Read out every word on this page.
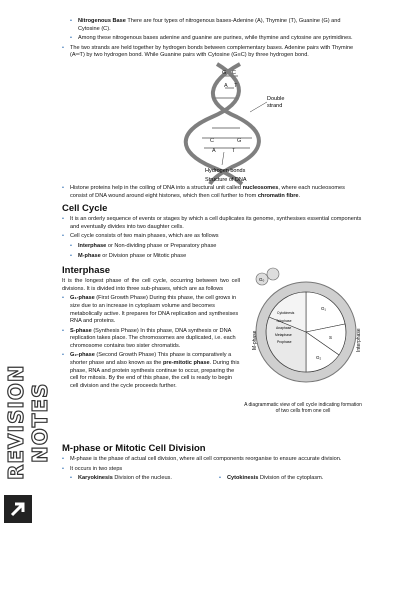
REVISION NOTES
• Nitrogenous Base There are four types of nitrogenous bases-Adenine (A), Thymine (T), Guanine (G) and Cytosine (C).
• Among these nitrogenous bases adenine and guanine are purines, while thymine and cytosine are pyrimidines.
• The two strands are held together by hydrogen bonds between complementary bases. Adenine pairs with Thymine (A═T) by two hydrogen bond. While Guanine pairs with Cytosine (G≡C) by three hydrogen bond.
G C
A T
C	G
A	T
Double
strand
Hydrogen bonds
Structure of DNA
• Histone proteins help in the coiling of DNA into a structural unit called nucleosomes, where each nucleosomes consist of DNA wound around eight histones, which then coil further to from chromatin fibre.
Cell Cycle
• It is an orderly sequence of events or stages by which a cell duplicates its genome, synthesises essential components and eventually divides into two daughter cells.
• Cell cycle consists of two main phases, which are as follows
• Interphase or Non-dividing phase or Preparatory phase
• M-phase or Division phase or Mitotic phase
Interphase
It is the longest phase of the cell cycle, occurring between two cell divisions. It is divided into three sub-phases, which are as follows
• G₁-phase (First Growth Phase) During this phase, the cell grows in size due to an increase in cytoplasm volume and becomes metabolically active. It prepares for DNA replication and synthesises RNA and proteins.
• S-phase (Synthesis Phase) In this phase, DNA synthesis or DNA replication takes place. The chromosomes are duplicated, i.e. each chromosome contains two sister chromatids.
• G₂-phase (Second Growth Phase) This phase is comparatively a shorter phase and also known as the pre-mitotic phase. During this phase, RNA and protein synthesis continue to occur, preparing the cell for mitosis. By the end of this phase, the cell is ready to begin cell division and the cycle proceeds further.
G₀
G₁
S
G₂
Cytokinesis
Telophase
Anaphase
Metaphase
Prophase
M-phase	Interphase
A diagrammatic view of cell cycle indicating formation of two cells from one cell
M-phase or Mitotic Cell Division
• M-phase is the phase of actual cell division, where all cell components reorganise to ensure accurate division.
• It occurs in two steps
• Karyokinesis Division of the nucleus.
•	Cytokinesis Division of the cytoplasm.
